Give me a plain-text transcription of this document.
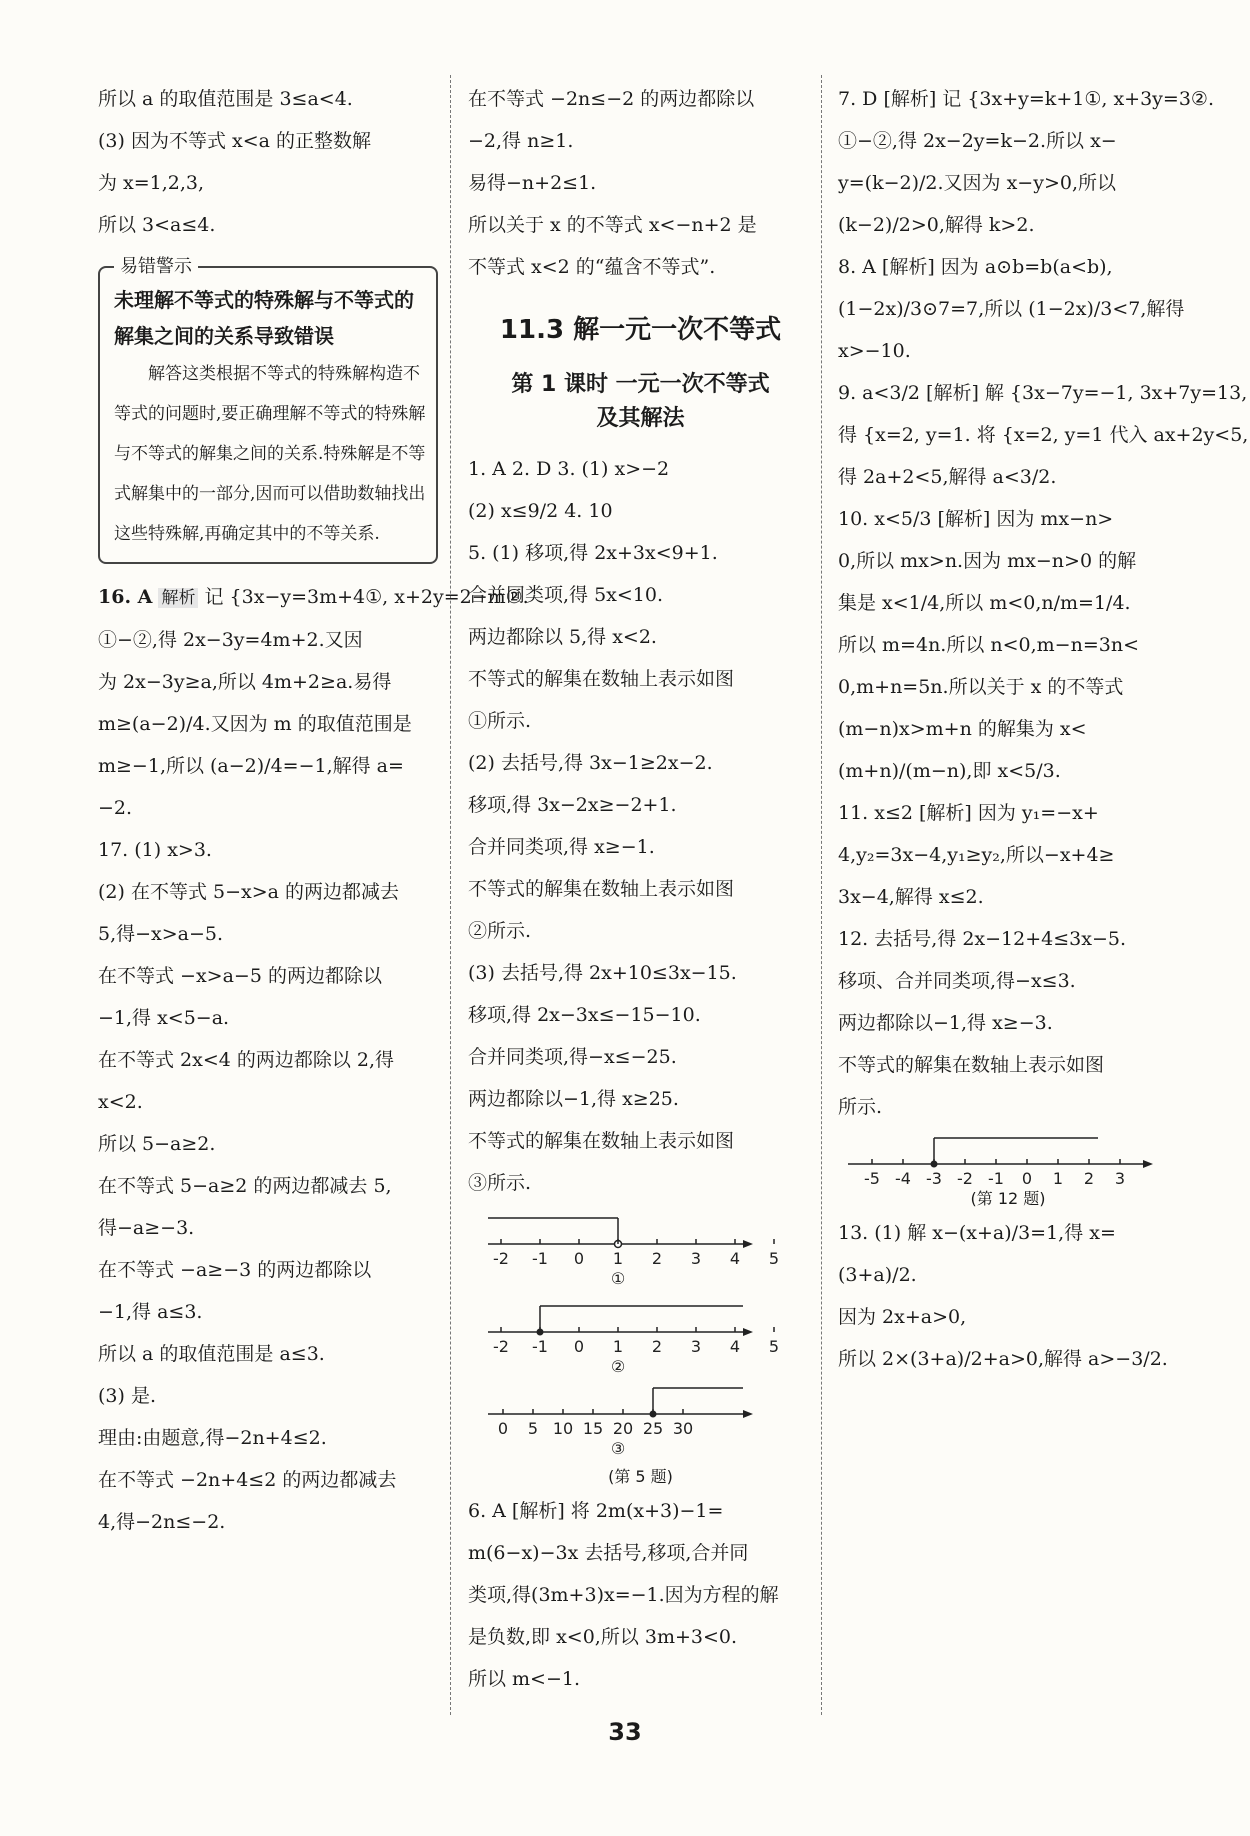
所以 a 的取值范围是 3≤a<4.

(3) 因为不等式 x<a 的正整数解

为 x=1,2,3,

所以 3<a≤4.

易错警示
未理解不等式的特殊解与不等式的解集之间的关系导致错误
解答这类根据不等式的特殊解构造不等式的问题时,要正确理解不等式的特殊解与不等式的解集之间的关系.特殊解是不等式解集中的一部分,因而可以借助数轴找出这些特殊解,再确定其中的不等关系.

16. A 解析 记 {3x−y=3m+4①, x+2y=2−m②.

①−②,得 2x−3y=4m+2.又因

为 2x−3y≥a,所以 4m+2≥a.易得

m≥(a−2)/4.又因为 m 的取值范围是

m≥−1,所以 (a−2)/4=−1,解得 a=

−2.

17. (1) x>3.

(2) 在不等式 5−x>a 的两边都减去

5,得−x>a−5.

在不等式 −x>a−5 的两边都除以

−1,得 x<5−a.

在不等式 2x<4 的两边都除以 2,得

x<2.

所以 5−a≥2.

在不等式 5−a≥2 的两边都减去 5,

得−a≥−3.

在不等式 −a≥−3 的两边都除以

−1,得 a≤3.

所以 a 的取值范围是 a≤3.

(3) 是.

理由:由题意,得−2n+4≤2.

在不等式 −2n+4≤2 的两边都减去

4,得−2n≤−2.

在不等式 −2n≤−2 的两边都除以

−2,得 n≥1.

易得−n+2≤1.

所以关于 x 的不等式 x<−n+2 是

不等式 x<2 的“蕴含不等式”.

11.3 解一元一次不等式
第 1 课时 一元一次不等式
及其解法

1. A 2. D 3. (1) x>−2

(2) x≤9/2 4. 10

5. (1) 移项,得 2x+3x<9+1.

合并同类项,得 5x<10.

两边都除以 5,得 x<2.

不等式的解集在数轴上表示如图

①所示.

(2) 去括号,得 3x−1≥2x−2.

移项,得 3x−2x≥−2+1.

合并同类项,得 x≥−1.

不等式的解集在数轴上表示如图

②所示.

(3) 去括号,得 2x+10≤3x−15.

移项,得 2x−3x≤−15−10.

合并同类项,得−x≤−25.

两边都除以−1,得 x≥25.

不等式的解集在数轴上表示如图

③所示.

-2 -1 0 1 2 3 4 5
①
-2 -1 0 1 2 3 4 5
②
0 5 10 15 20 25 30
③
(第 5 题)

6. A [解析] 将 2m(x+3)−1=

m(6−x)−3x 去括号,移项,合并同

类项,得(3m+3)x=−1.因为方程的解

是负数,即 x<0,所以 3m+3<0.

所以 m<−1.

7. D [解析] 记 {3x+y=k+1①, x+3y=3②.

①−②,得 2x−2y=k−2.所以 x−

y=(k−2)/2.又因为 x−y>0,所以

(k−2)/2>0,解得 k>2.

8. A [解析] 因为 a⊙b=b(a<b),

(1−2x)/3⊙7=7,所以 (1−2x)/3<7,解得

x>−10.

9. a<3/2 [解析] 解 {3x−7y=−1, 3x+7y=13,

得 {x=2, y=1. 将 {x=2, y=1 代入 ax+2y<5,

得 2a+2<5,解得 a<3/2.

10. x<5/3 [解析] 因为 mx−n>

0,所以 mx>n.因为 mx−n>0 的解

集是 x<1/4,所以 m<0,n/m=1/4.

所以 m=4n.所以 n<0,m−n=3n<

0,m+n=5n.所以关于 x 的不等式

(m−n)x>m+n 的解集为 x<

(m+n)/(m−n),即 x<5/3.

11. x≤2 [解析] 因为 y₁=−x+

4,y₂=3x−4,y₁≥y₂,所以−x+4≥

3x−4,解得 x≤2.

12. 去括号,得 2x−12+4≤3x−5.

移项、合并同类项,得−x≤3.

两边都除以−1,得 x≥−3.

不等式的解集在数轴上表示如图

所示.

-5 -4 -3 -2 -1 0 1 2 3
(第 12 题)

13. (1) 解 x−(x+a)/3=1,得 x=

(3+a)/2.

因为 2x+a>0,

所以 2×(3+a)/2+a>0,解得 a>−3/2.

33
